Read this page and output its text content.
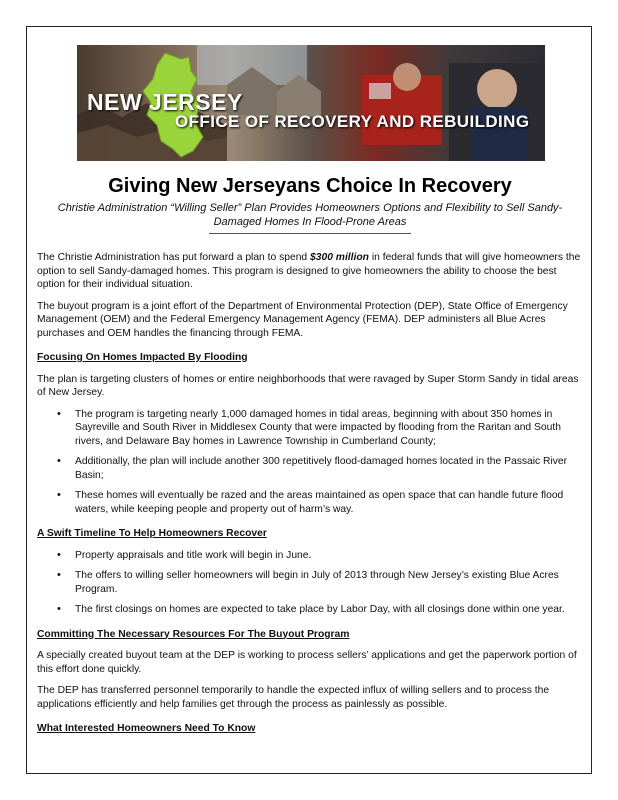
NEW JERSEY
OFFICE OF RECOVERY AND REBUILDING
Giving New Jerseyans Choice In Recovery
Christie Administration “Willing Seller” Plan Provides Homeowners Options and Flexibility to Sell Sandy-Damaged Homes In Flood-Prone Areas

The Christie Administration has put forward a plan to spend $300 million in federal funds that will give homeowners the option to sell Sandy-damaged homes. This program is designed to give homeowners the ability to choose the best option for their individual situation.

The buyout program is a joint effort of the Department of Environmental Protection (DEP), State Office of Emergency Management (OEM) and the Federal Emergency Management Agency (FEMA). DEP administers all Blue Acres purchases and OEM handles the financing through FEMA.

Focusing On Homes Impacted By Flooding

The plan is targeting clusters of homes or entire neighborhoods that were ravaged by Super Storm Sandy in tidal areas of New Jersey.

• The program is targeting nearly 1,000 damaged homes in tidal areas, beginning with about 350 homes in Sayreville and South River in Middlesex County that were impacted by flooding from the Raritan and South rivers, and Delaware Bay homes in Lawrence Township in Cumberland County;
• Additionally, the plan will include another 300 repetitively flood-damaged homes located in the Passaic River Basin;
• These homes will eventually be razed and the areas maintained as open space that can handle future flood waters, while keeping people and property out of harm’s way.
A Swift Timeline To Help Homeowners Recover
• Property appraisals and title work will begin in June.
• The offers to willing seller homeowners will begin in July of 2013 through New Jersey’s existing Blue Acres Program.
• The first closings on homes are expected to take place by Labor Day, with all closings done within one year.
Committing The Necessary Resources For The Buyout Program

A specially created buyout team at the DEP is working to process sellers’ applications and get the paperwork portion of this effort done quickly.

The DEP has transferred personnel temporarily to handle the expected influx of willing sellers and to process the applications efficiently and help families get through the process as painlessly as possible.

What Interested Homeowners Need To Know
